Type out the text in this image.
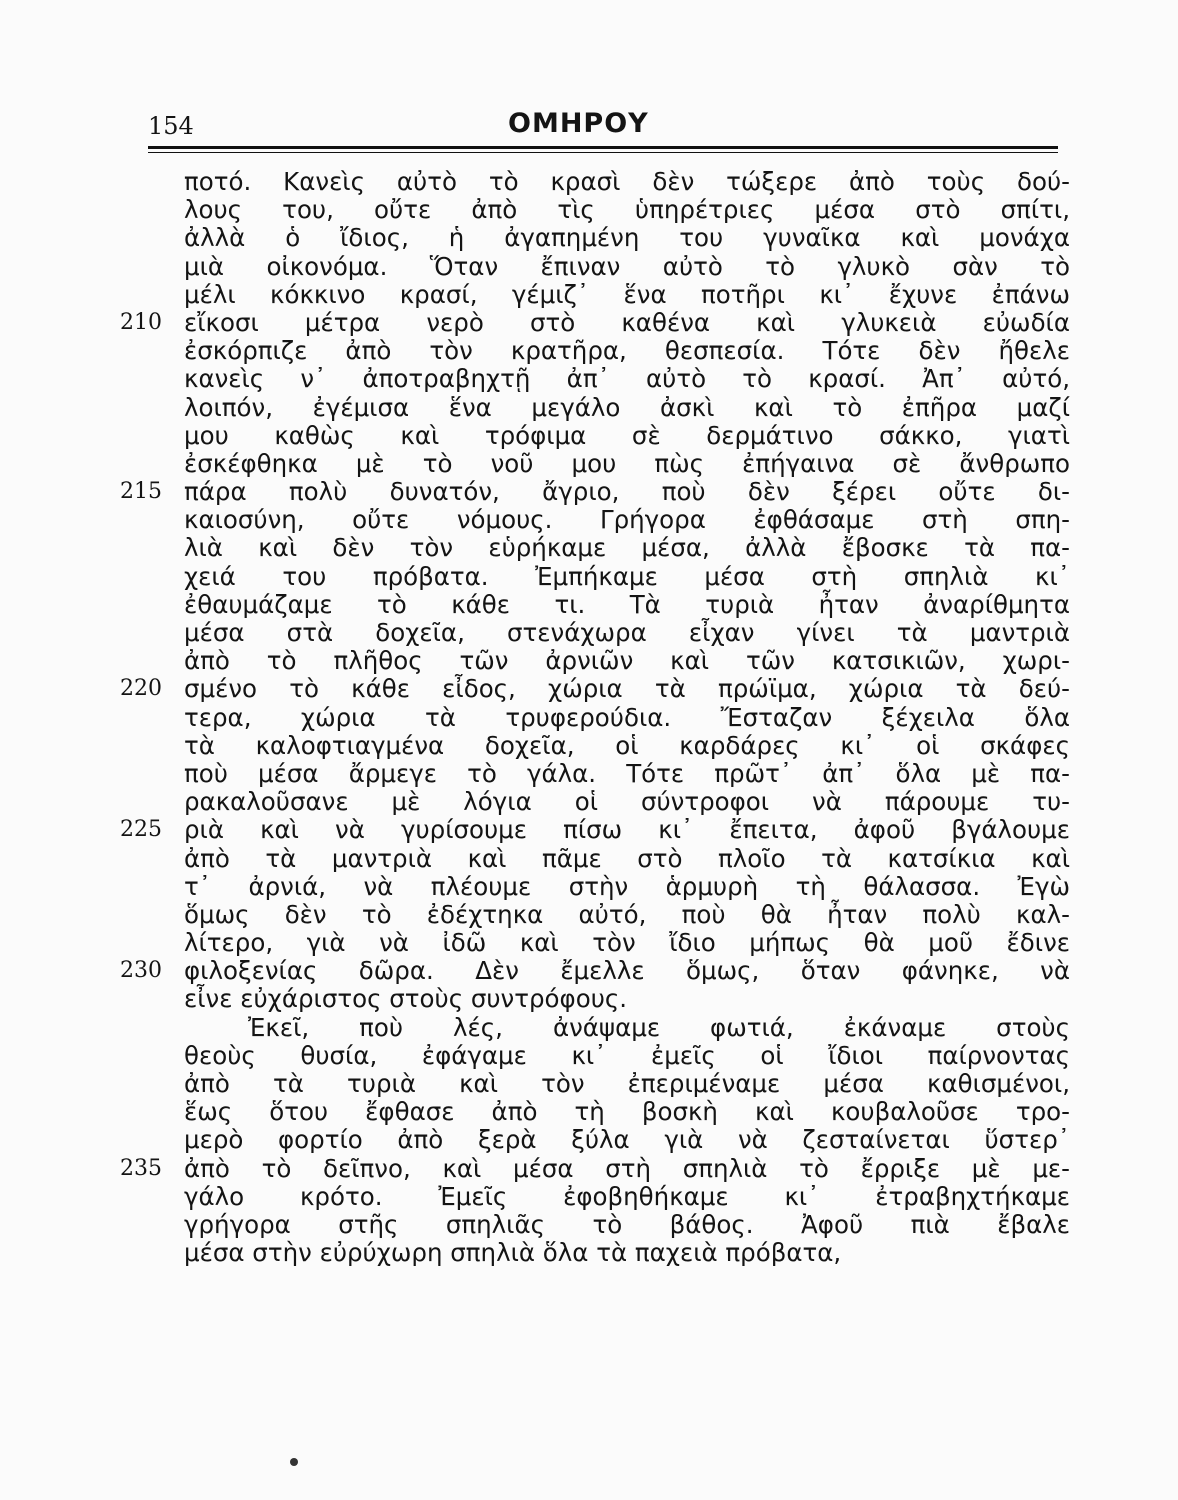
154	ΟΜΗΡΟΥ
ποτό. Κανεὶς αὐτὸ τὸ κρασὶ δὲν τώξερε ἀπὸ τοὺς δού-
λους του, οὔτε ἀπὸ τὶς ὑπηρέτριες μέσα στὸ σπίτι,
ἀλλὰ ὁ ἴδιος, ἡ ἀγαπημένη του γυναῖκα καὶ μονάχα
μιὰ οἰκονόμα. Ὅταν ἔπιναν αὐτὸ τὸ γλυκὸ σὰν τὸ
μέλι κόκκινο κρασί, γέμιζ᾽ ἕνα ποτῆρι κι᾽ ἔχυνε ἐπάνω
210 εἴκοσι μέτρα νερὸ στὸ καθένα καὶ γλυκειὰ εὐωδία
ἐσκόρπιζε ἀπὸ τὸν κρατῆρα, θεσπεσία. Τότε δὲν ἤθελε
κανεὶς ν᾽ ἀποτραβηχτῇ ἀπ᾽ αὐτὸ τὸ κρασί. Ἀπ᾽ αὐτό,
λοιπόν, ἐγέμισα ἕνα μεγάλο ἀσκὶ καὶ τὸ ἐπῆρα μαζί
μου καθὼς καὶ τρόφιμα σὲ δερμάτινο σάκκο, γιατὶ
ἐσκέφθηκα μὲ τὸ νοῦ μου πὼς ἐπήγαινα σὲ ἄνθρωπο
215 πάρα πολὺ δυνατόν, ἄγριο, ποὺ δὲν ξέρει οὔτε δι-
καιοσύνη, οὔτε νόμους. Γρήγορα ἐφθάσαμε στὴ σπη-
λιὰ καὶ δὲν τὸν εὑρήκαμε μέσα, ἀλλὰ ἔβοσκε τὰ πα-
χειά του πρόβατα. Ἐμπήκαμε μέσα στὴ σπηλιὰ κι᾽
ἐθαυμάζαμε τὸ κάθε τι. Τὰ τυριὰ ἦταν ἀναρίθμητα
μέσα στὰ δοχεῖα, στενάχωρα εἶχαν γίνει τὰ μαντριὰ
ἀπὸ τὸ πλῆθος τῶν ἀρνιῶν καὶ τῶν κατσικιῶν, χωρι-
220 σμένο τὸ κάθε εἶδος, χώρια τὰ πρώϊμα, χώρια τὰ δεύ-
τερα, χώρια τὰ τρυφερούδια. Ἔσταζαν ξέχειλα ὅλα
τὰ καλοφτιαγμένα δοχεῖα, οἱ καρδάρες κι᾽ οἱ σκάφες
ποὺ μέσα ἄρμεγε τὸ γάλα. Τότε πρῶτ᾽ ἀπ᾽ ὅλα μὲ πα-
ρακαλοῦσανε μὲ λόγια οἱ σύντροφοι νὰ πάρουμε τυ-
225 ριὰ καὶ νὰ γυρίσουμε πίσω κι᾽ ἔπειτα, ἀφοῦ βγάλουμε
ἀπὸ τὰ μαντριὰ καὶ πᾶμε στὸ πλοῖο τὰ κατσίκια καὶ
τ᾽ ἀρνιά, νὰ πλέουμε στὴν ἁρμυρὴ τὴ θάλασσα. Ἐγὼ
ὅμως δὲν τὸ ἐδέχτηκα αὐτό, ποὺ θὰ ἦταν πολὺ καλ-
λίτερο, γιὰ νὰ ἰδῶ καὶ τὸν ἴδιο μήπως θὰ μοῦ ἔδινε
230 φιλοξενίας δῶρα. Δὲν ἔμελλε ὅμως, ὅταν φάνηκε, νὰ
εἶνε εὐχάριστος στοὺς συντρόφους.
Ἐκεῖ, ποὺ λές, ἀνάψαμε φωτιά, ἐκάναμε στοὺς
θεοὺς θυσία, ἐφάγαμε κι᾽ ἐμεῖς οἱ ἴδιοι παίρνοντας
ἀπὸ τὰ τυριὰ καὶ τὸν ἐπεριμέναμε μέσα καθισμένοι,
ἕως ὅτου ἔφθασε ἀπὸ τὴ βοσκὴ καὶ κουβαλοῦσε τρο-
μερὸ φορτίο ἀπὸ ξερὰ ξύλα γιὰ νὰ ζεσταίνεται ὕστερ᾽
235 ἀπὸ τὸ δεῖπνο, καὶ μέσα στὴ σπηλιὰ τὸ ἔρριξε μὲ με-
γάλο κρότο. Ἐμεῖς ἐφοβηθήκαμε κι᾽ ἐτραβηχτήκαμε
γρήγορα στῆς σπηλιᾶς τὸ βάθος. Ἀφοῦ πιὰ ἔβαλε
μέσα στὴν εὐρύχωρη σπηλιὰ ὅλα τὰ παχειὰ πρόβατα,
